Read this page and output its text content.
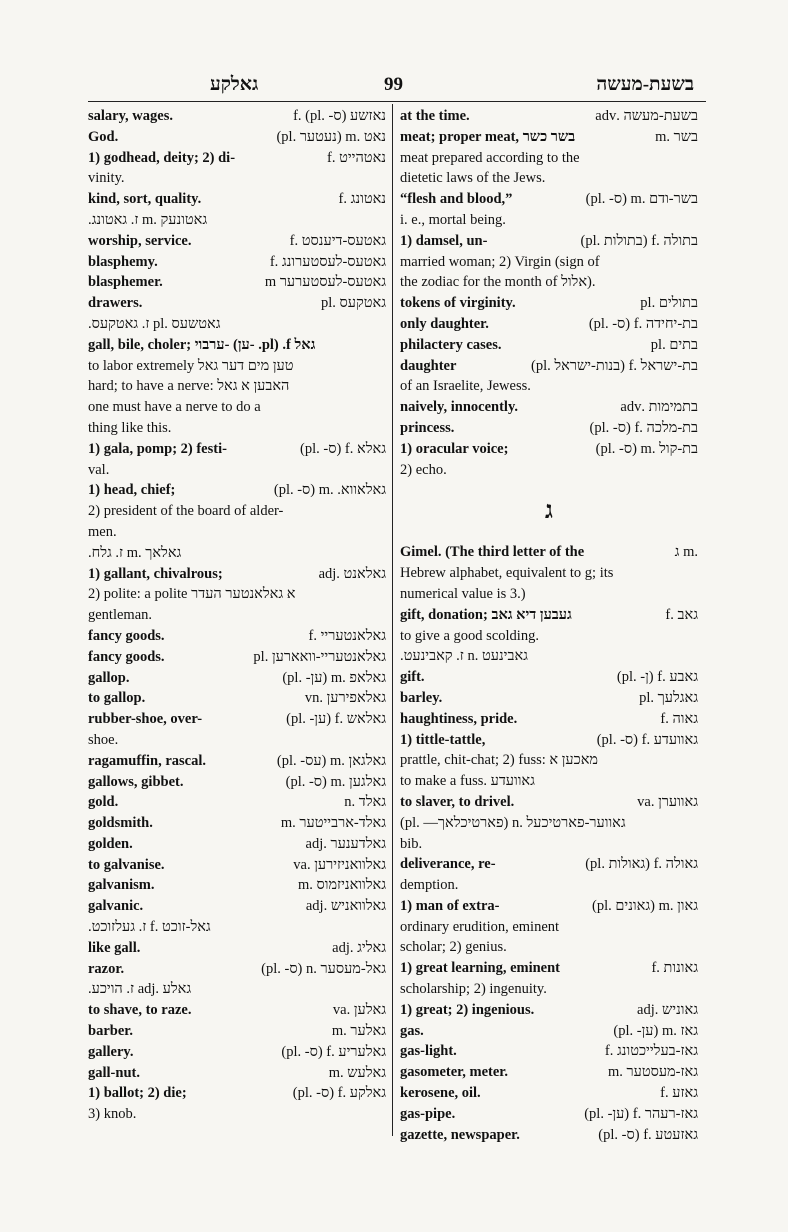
גאלקע	99	בשעת-מעשה
salary, wages.	נאזשע (ס- .pl) .f
God.	נאט .m (נעטער .pl)
1) godhead, deity; 2) di-	נאטהייט .f
vinity.
kind, sort, quality.	נאטונג .f
גאטונעק .m ז. גאטונג.
worship, service.	גאטעס-דיענסט .f
blasphemy.	גאטעס-לעסטערונג .f
blasphemer.	גאטעס-לעסטערער m
drawers.	גאטקעס .pl
גאטשעס .pl ז. גאטקעס.
gall, bile, choler; ערבוי- (ען- .pl) .f גאל
to labor extremely טען מים דער גאל
hard; to have a nerve: האבען א גאל
one must have a nerve to do a
thing like this.
1) gala, pomp; 2) festi-	גאלא .f (ס- .pl)
val.
1) head, chief;	גאלאווא. .m (ס- .pl)
2) president of the board of alder-
men.
גאלאך .m ז. גלח.
1) gallant, chivalrous;	גאלאנט .adj
2) polite: a polite א גאלאנטער העדר
gentleman.
fancy goods.	גאלאנטעריי .f
fancy goods.	גאלאנטעריי-וואארען .pl
gallop.	גאלאפ .m (ען- .pl)
to gallop.	גאלאפירען .vn
rubber-shoe, over-	גאלאש .f (ען- .pl)
shoe.
ragamuffin, rascal.	גאלגאן .m (עס- .pl)
gallows, gibbet.	גאלגען .m (ס- .pl)
gold.	גאלד .n
goldsmith.	גאלד-ארבייטער .m
golden.	גאלדענער .adj
to galvanise.	גאלוואניזירען .va
galvanism.	גאלוואניזמוס .m
galvanic.	גאלוואניש .adj
גאל-זוכט .f ז. געלזוכט.
like gall.	גאליג .adj
razor.	גאל-מעסער .n (ס- .pl)
גאלע .adj ז. הויכע.
to shave, to raze.	גאלען .va
barber.	גאלער .m
gallery.	גאלעריע .f (ס- .pl)
gall-nut.	גאלעש .m
1) ballot; 2) die;	גאלקע .f (ס- .pl)
3) knob.
at the time.	בשעת-מעשה .adv
meat; proper meat, בשר כשר	בשר .m
meat prepared according to the
dietetic laws of the Jews.
“flesh and blood,”	בשר-ודם .m (ס- .pl)
i. e., mortal being.
1) damsel, un-	בתולה .f (בתולות .pl)
married woman; 2) Virgin (sign of
the zodiac for the month of אלול).
tokens of virginity.	בתולים .pl
only daughter.	בת-יחידה .f (ס- .pl)
philactery cases.	בתים .pl
daughter	בת-ישראל .f (בנות-ישראל .pl)
of an Israelite, Jewess.
naively, innocently.	בתמימות .adv
princess.	בת-מלכה .f (ס- .pl)
1) oracular voice;	בת-קול .m (ס- .pl)
2) echo.
ג
Gimel. (The third letter of the	.m ג
Hebrew alphabet, equivalent to g; its
numerical value is 3.)
gift, donation; געבען דיא גאב	גאב .f
to give a good scolding.
גאבינעט .n ז. קאבינעט.
gift.	גאבע .f (ן- .pl)
barley.	גאגלעך .pl
haughtiness, pride.	גאוה .f
1) tittle-tattle,	גאוועדע .f (ס- .pl)
prattle, chit-chat; 2) fuss: מאכען א
to make a fuss. גאוועדע
to slaver, to drivel.	גאווערן .va
גאווער-פארטיכעל .n (פארטיכלאך— .pl)
bib.
deliverance, re-	גאולה .f (גאולות .pl)
demption.
1) man of extra-	גאון .m (גאונים .pl)
ordinary erudition, eminent
scholar; 2) genius.
1) great learning, eminent	גאונות .f
scholarship; 2) ingenuity.
1) great; 2) ingenious.	גאוניש .adj
gas.	גאז .m (ען- .pl)
gas-light.	גאז-בעלייכטונג .f
gasometer, meter.	גאז-מעסטער .m
kerosene, oil.	גאזע .f
gas-pipe.	גאז-רעהר .f (ען- .pl)
gazette, newspaper.	גאזעטע .f (ס- .pl)
